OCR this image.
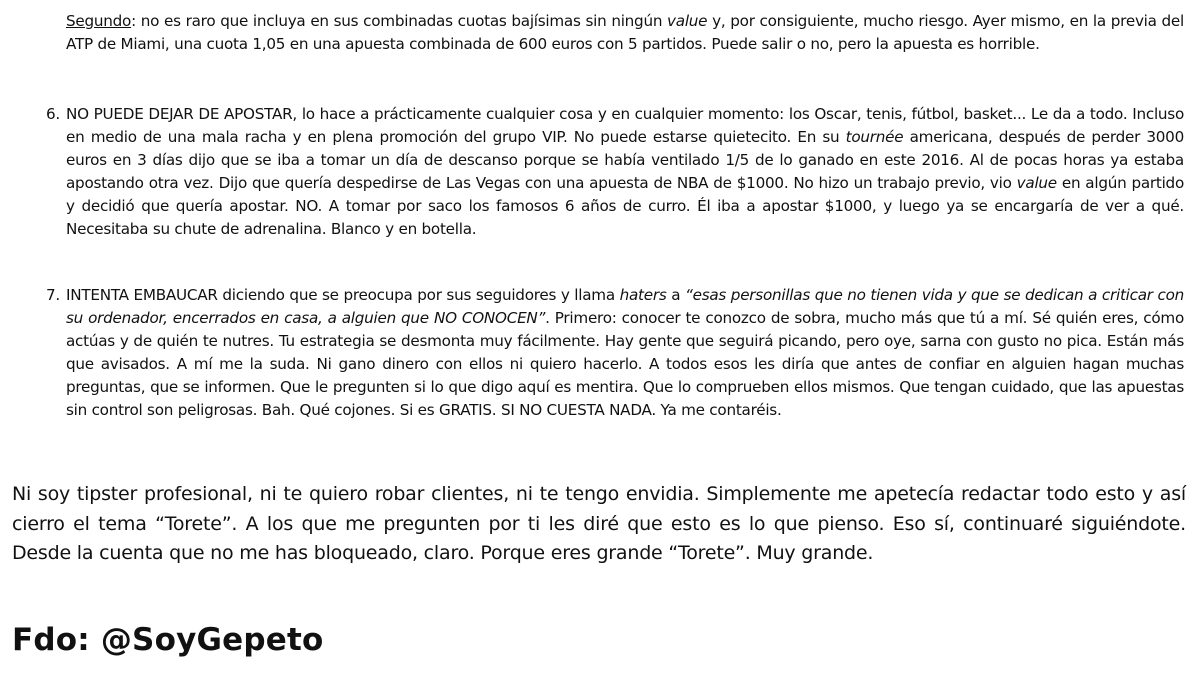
Segundo: no es raro que incluya en sus combinadas cuotas bajísimas sin ningún value y, por consiguiente, mucho riesgo. Ayer mismo, en la previa del ATP de Miami, una cuota 1,05 en una apuesta combinada de 600 euros con 5 partidos. Puede salir o no, pero la apuesta es horrible.

6. NO PUEDE DEJAR DE APOSTAR, lo hace a prácticamente cualquier cosa y en cualquier momento: los Oscar, tenis, fútbol, basket... Le da a todo. Incluso en medio de una mala racha y en plena promoción del grupo VIP. No puede estarse quietecito. En su tournée americana, después de perder 3000 euros en 3 días dijo que se iba a tomar un día de descanso porque se había ventilado 1/5 de lo ganado en este 2016. Al de pocas horas ya estaba apostando otra vez. Dijo que quería despedirse de Las Vegas con una apuesta de NBA de $1000. No hizo un trabajo previo, vio value en algún partido y decidió que quería apostar. NO. A tomar por saco los famosos 6 años de curro. Él iba a apostar $1000, y luego ya se encargaría de ver a qué. Necesitaba su chute de adrenalina. Blanco y en botella.

7. INTENTA EMBAUCAR diciendo que se preocupa por sus seguidores y llama haters a “esas personillas que no tienen vida y que se dedican a criticar con su ordenador, encerrados en casa, a alguien que NO CONOCEN”. Primero: conocer te conozco de sobra, mucho más que tú a mí. Sé quién eres, cómo actúas y de quién te nutres. Tu estrategia se desmonta muy fácilmente. Hay gente que seguirá picando, pero oye, sarna con gusto no pica. Están más que avisados. A mí me la suda. Ni gano dinero con ellos ni quiero hacerlo. A todos esos les diría que antes de confiar en alguien hagan muchas preguntas, que se informen. Que le pregunten si lo que digo aquí es mentira. Que lo comprueben ellos mismos. Que tengan cuidado, que las apuestas sin control son peligrosas. Bah. Qué cojones. Si es GRATIS. SI NO CUESTA NADA. Ya me contaréis.

Ni soy tipster profesional, ni te quiero robar clientes, ni te tengo envidia. Simplemente me apetecía redactar todo esto y así cierro el tema “Torete”. A los que me pregunten por ti les diré que esto es lo que pienso. Eso sí, continuaré siguiéndote. Desde la cuenta que no me has bloqueado, claro. Porque eres grande “Torete”. Muy grande.

Fdo: @SoyGepeto
